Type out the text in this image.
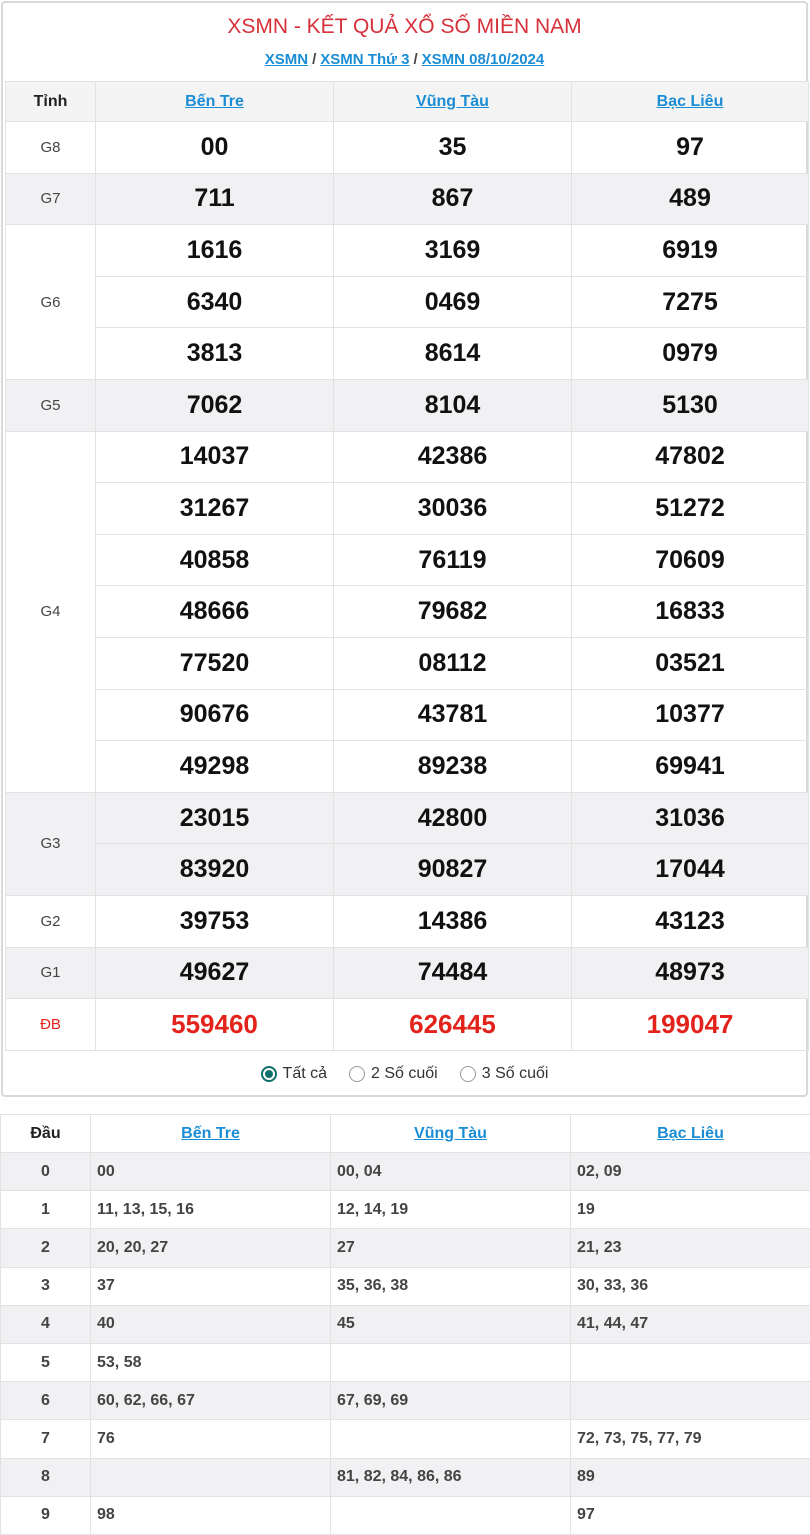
XSMN - KẾT QUẢ XỔ SỐ MIỀN NAM
XSMN / XSMN Thứ 3 / XSMN 08/10/2024
Tỉnh	Bến Tre	Vũng Tàu	Bạc Liêu
G8	00	35	97
G7	711	867	489
G6	1616	3169	6919
	6340	0469	7275
	3813	8614	0979
G5	7062	8104	5130
G4	14037	42386	47802
	31267	30036	51272
	40858	76119	70609
	48666	79682	16833
	77520	08112	03521
	90676	43781	10377
	49298	89238	69941
G3	23015	42800	31036
	83920	90827	17044
G2	39753	14386	43123
G1	49627	74484	48973
ĐB	559460	626445	199047
Tất cả	2 Số cuối	3 Số cuối
Đầu	Bến Tre	Vũng Tàu	Bạc Liêu
0	00	00, 04	02, 09
1	11, 13, 15, 16	12, 14, 19	19
2	20, 20, 27	27	21, 23
3	37	35, 36, 38	30, 33, 36
4	40	45	41, 44, 47
5	53, 58		
6	60, 62, 66, 67	67, 69, 69	
7	76		72, 73, 75, 77, 79
8		81, 82, 84, 86, 86	89
9	98		97
